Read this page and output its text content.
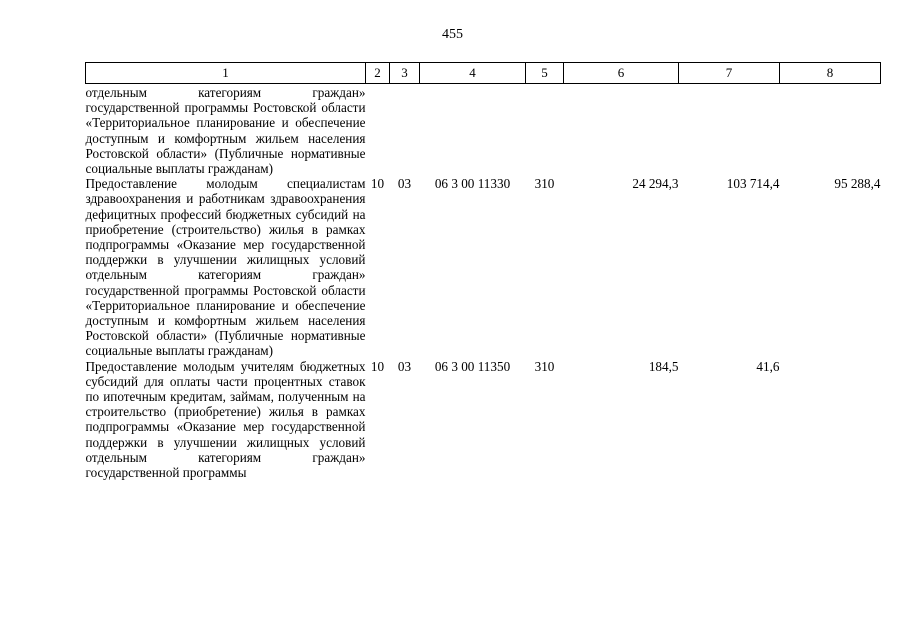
455
1	2	3	4	5	6	7	8
отдельным категориям граждан» государственной программы Ростовской области «Территориальное планирование и обеспечение доступным и комфортным жильем населения Ростовской области» (Публичные нормативные социальные выплаты гражданам)							
Предоставление молодым специалистам здравоохранения и работникам здравоохранения дефицитных профессий бюджетных субсидий на приобретение (строительство) жилья в рамках подпрограммы «Оказание мер государственной поддержки в улучшении жилищных условий отдельным категориям граждан» государственной программы Ростовской области «Территориальное планирование и обеспечение доступным и комфортным жильем населения Ростовской области» (Публичные нормативные социальные выплаты гражданам)	10	03	06 3 00 11330	310	24 294,3	103 714,4	95 288,4
Предоставление молодым учителям бюджетных субсидий для оплаты части процентных ставок по ипотечным кредитам, займам, полученным на строительство (приобретение) жилья в рамках подпрограммы «Оказание мер государственной поддержки в улучшении жилищных условий отдельным категориям граждан» государственной программы	10	03	06 3 00 11350	310	184,5	41,6	
